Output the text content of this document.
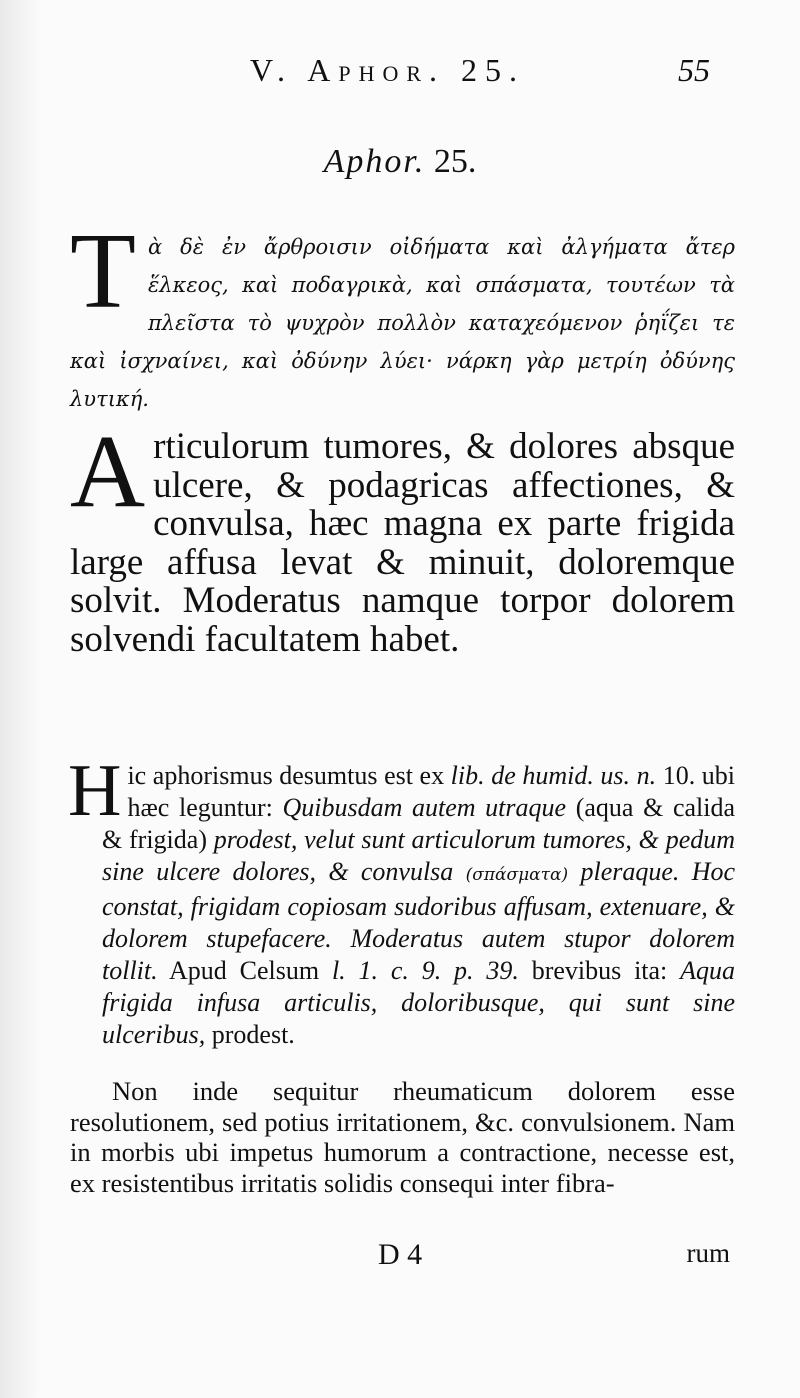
V. Aphor. 25.	55
Aphor. 25.
Τ ὰ δὲ ἐν ἄρθροισιν οἰδήματα καὶ ἀλγήματα ἄτερ ἕλκεος, καὶ ποδαγρικὰ, καὶ σπάσματα, τουτέων τὰ πλεῖστα τὸ ψυχρὸν πολλὸν καταχεόμενον ῥηΐζει τε καὶ ἰσχναίνει, καὶ ὀδύνην λύει· νάρκη γὰρ μετρίη ὀδύνης λυτική.
A rticulorum tumores, & dolores absque ulcere, & podagricas affectiones, & convulsa, hæc magna ex parte frigida large affusa levat & minuit, doloremque solvit. Moderatus namque torpor dolorem solvendi facultatem habet.
H ic aphorismus desumtus est ex lib. de humid. us. n. 10. ubi hæc leguntur: Quibusdam autem utraque (aqua & calida & frigida) prodest, velut sunt articulorum tumores, & pedum sine ulcere dolores, & convulsa (σπάσματα) pleraque. Hoc constat, frigidam copiosam sudoribus affusam, extenuare, & dolorem stupefacere. Moderatus autem stupor dolorem tollit. Apud Celsum l. 1. c. 9. p. 39. brevibus ita: Aqua frigida infusa articulis, doloribusque, qui sunt sine ulceribus, prodest.
Non inde sequitur rheumaticum dolorem esse resolutionem, sed potius irritationem, &c. convulsionem. Nam in morbis ubi impetus humorum a contractione, necesse est, ex resistentibus irritatis solidis consequi inter fibra-
D 4	rum
